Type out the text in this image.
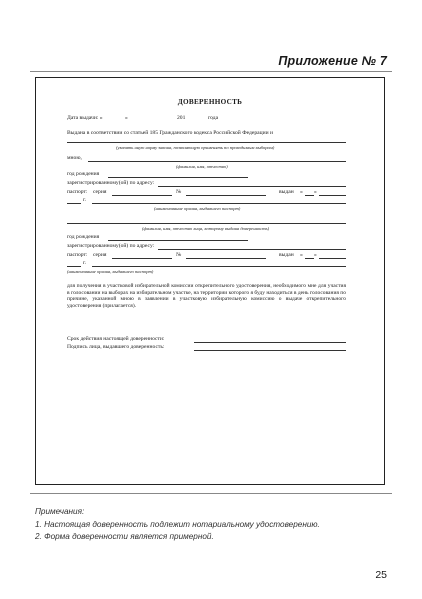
Приложение № 7
ДОВЕРЕННОСТЬ
Дата выдачи: «	»	201	года
Выдана в соответствии со статьей 185 Гражданского кодекса Российской Федерации и
(указать иную норму закона, позволяющую применять по проводимым выборам)
мною,
(фамилия, имя, отчество)
год рождения
зарегистрированному(ой) по адресу:
паспорт: серия	№	выдан « »
г.
(наименование органа, выдавшего паспорт)
(фамилия, имя, отчество лица, которому выдана доверенность)
год рождения
зарегистрированному(ой) по адресу:
паспорт: серия	№	выдан « »
г.
(наименование органа, выдавшего паспорт)
для получения в участковой избирательной комиссии открепительного удостоверения, необходимого мне для участия в голосовании на выборах на избирательном участке, на территории которого я буду находиться в день голосования по причине, указанной мною в заявлении в участковую избирательную комиссию о выдаче открепительного удостоверения (прилагается).
Срок действия настоящей доверенности:
Подпись лица, выдавшего доверенность:
Примечания:
1. Настоящая доверенность подлежит нотариальному удостоверению.
2. Форма доверенности является примерной.
25
